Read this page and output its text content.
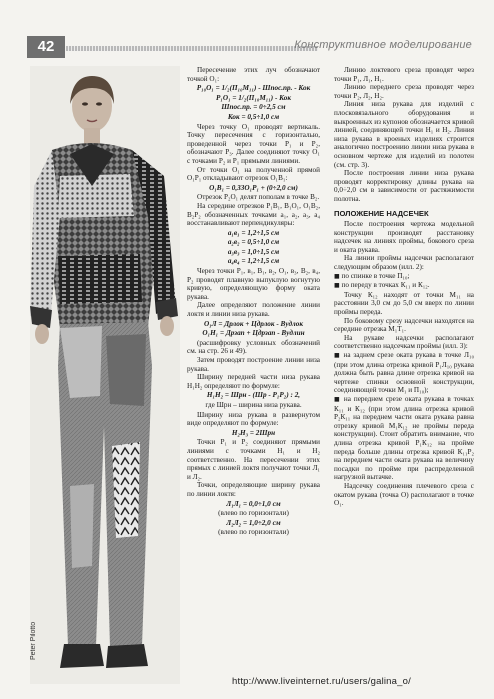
42	Конструктивное моделирование
Peter Pilotto

Пересечение этих луч обозначают точкой О₁:

Р₁₀О₁ = 1/₂(П₁₀М₁₁) - Шпос.пр. - Кок

Р₁О₁ = 1/₂(П₁₀М₁₁) - Кок

Шпос.пр. = 0÷2,5 см

Кок = 0,5÷1,0 см

Через точку О₁ проводят вертикаль. Точку пересечения с горизонталью, проведенной через точки Р₁ и Р₂, обозначают Р₃. Далее соединяют точку О₁ с точками Р₂ и Р₁ прямыми линиями.

От точки О₁ на полученной прямой О₁Р₁ откладывают отрезок О₁В₁:

О₁В₁ = 0,33О₁Р₁ + (0÷2,0 см)

Отрезок Р₂О₁ делят пополам в точке В₂.

На середине отрезков Р₁В₁, В₁О₁, О₁В₂, В₂Р₂ обозначенных точками а₁, а₂, а₃, а₄ восстанавливают перпендикуляры:

а₁в₁ = 1,2÷1,5 см

а₂в₂ = 0,5÷1,0 см

а₃в₃ = 1,0÷1,5 см

а₄в₄ = 1,2÷1,5 см

Через точки Р₁, в₁, В₁, в₂, О₁, в₃, В₂, в₄, Р₂ проводят плавную выпуклую вогнутую кривую, определяющую форму оката рукава.

Далее определяют положение линии локтя и линии низа рукава.

О₁Л = Дрлок + Цдрлок - Вудлок

О₁Н₁ = Дрзап + Цдрзап - Вудлин

(расшифровку условных обозначений см. на стр. 26 и 49).

Затем проводят построение линии низа рукава.

Ширину передней части низа рукава Н₁Н₂ определяют по формуле:

Н₁Н₂ = Шрн - (Шр - Р₁Р₂) : 2,

где Шрн – ширина низа рукава.

Ширину низа рукава в развернутом виде определяют по формуле:

Н₂Н₃ = 2Шрн

Точки Р₁ и Р₂ соединяют прямыми линиями с точками Н₁ и Н₂ соответственно. На пересечении этих прямых с линией локтя получают точки Л₁ и Л₂.

Точки, определяющие ширину рукава по линии локтя:

Л₁Л₁ = 0,0÷1,0 см

(влево по горизонтали)

Л₂Л₂ = 1,0÷2,0 см

(влево по горизонтали)

Линию локтевого среза проводят через точки Р₁, Л₁, Н₁.

Линию переднего среза проводят через точки Р₂, Л₂, Н₂.

Линия низа рукава для изделий с плосковязального оборудования и выкроенных из купонов обозначается кривой линией, соединяющей точки Н₁ и Н₂. Линия низа рукава в кроеных изделиях строится аналогично построению линии низа рукава в основном чертеже для изделий из полотен (см. стр. 3).

После построения линии низа рукава проводят корректировку длины рукава на 0,0÷2,0 см в зависимости от растяжимости полотна.

ПОЛОЖЕНИЕ НАДСЕЧЕК

После построения чертежа модельной конструкции производят расстановку надсечек на линиях проймы, бокового среза и оката рукава.

На линии проймы надсечки располагают следующим образом (илл. 2):

■ по спинке в точке П₁₀;

■ по переду в точках К₁₁ и К₁₂.

Точку К₁₂ находят от точки М₁₁ на расстоянии 3,0 см до 5,0 см вверх по линии проймы переда.

По боковому срезу надсечки находятся на середине отрезка М₁Т₁.

На рукаве надсечки располагают соответственно надсечкам проймы (илл. 3):

■ на заднем срезе оката рукава в точке Л₁₀ (при этом длина отрезка кривой Р₁Л₁₀ рукава должна быть равна длине отрезка кривой на чертеже спинки основной конструкции, соединяющей точки М₁ и П₁₀);

■ на переднем срезе оката рукава в точках К₁₁ и К₁₂ (при этом длина отрезка кривой Р₂К₁₁ на переднем части оката рукава равна отрезку кривой М₁К₁₂ не проймы переда конструкции). Стоит обратить внимание, что длина отрезка кривой Р₁К₁₂ на пройме переда больше длины отрезка кривой К₁₁Р₂ на переднем части оката рукава на величину посадки по пройме при распределенной нагрузной вытачке.

Надсечку соединения плечевого среза с окатом рукава (точка О) располагают в точке О₁.

http://www.liveinternet.ru/users/galina_o/
